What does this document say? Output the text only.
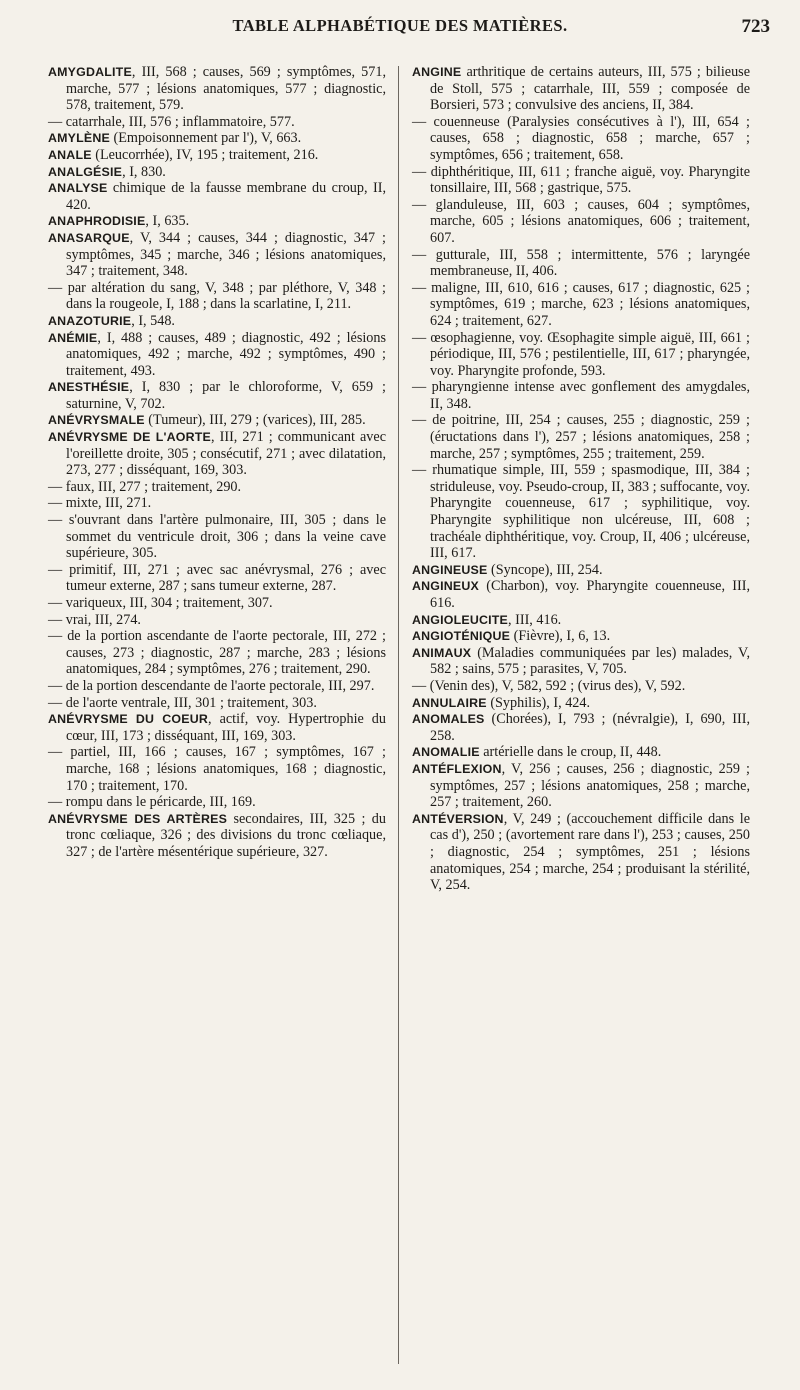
TABLE ALPHABÉTIQUE DES MATIÈRES.	723

AMYGDALITE, III, 568 ; causes, 569 ; symptômes, 571, marche, 577 ; lésions anatomiques, 577 ; diagnostic, 578, traitement, 579.

— catarrhale, III, 576 ; inflammatoire, 577.

AMYLÈNE (Empoisonnement par l'), V, 663.

ANALE (Leucorrhée), IV, 195 ; traitement, 216.

ANALGÉSIE, I, 830.

ANALYSE chimique de la fausse membrane du croup, II, 420.

ANAPHRODISIE, I, 635.

ANASARQUE, V, 344 ; causes, 344 ; diagnostic, 347 ; symptômes, 345 ; marche, 346 ; lésions anatomiques, 347 ; traitement, 348.

— par altération du sang, V, 348 ; par pléthore, V, 348 ; dans la rougeole, I, 188 ; dans la scarlatine, I, 211.

ANAZOTURIE, I, 548.

ANÉMIE, I, 488 ; causes, 489 ; diagnostic, 492 ; lésions anatomiques, 492 ; marche, 492 ; symptômes, 490 ; traitement, 493.

ANESTHÉSIE, I, 830 ; par le chloroforme, V, 659 ; saturnine, V, 702.

ANÉVRYSMALE (Tumeur), III, 279 ; (varices), III, 285.

ANÉVRYSME DE L'AORTE, III, 271 ; communicant avec l'oreillette droite, 305 ; consécutif, 271 ; avec dilatation, 273, 277 ; disséquant, 169, 303.

— faux, III, 277 ; traitement, 290.

— mixte, III, 271.

— s'ouvrant dans l'artère pulmonaire, III, 305 ; dans le sommet du ventricule droit, 306 ; dans la veine cave supérieure, 305.

— primitif, III, 271 ; avec sac anévrysmal, 276 ; avec tumeur externe, 287 ; sans tumeur externe, 287.

— variqueux, III, 304 ; traitement, 307.

— vrai, III, 274.

— de la portion ascendante de l'aorte pectorale, III, 272 ; causes, 273 ; diagnostic, 287 ; marche, 283 ; lésions anatomiques, 284 ; symptômes, 276 ; traitement, 290.

— de la portion descendante de l'aorte pectorale, III, 297.

— de l'aorte ventrale, III, 301 ; traitement, 303.

ANÉVRYSME DU COEUR, actif, voy. Hypertrophie du cœur, III, 173 ; disséquant, III, 169, 303.

— partiel, III, 166 ; causes, 167 ; symptômes, 167 ; marche, 168 ; lésions anatomiques, 168 ; diagnostic, 170 ; traitement, 170.

— rompu dans le péricarde, III, 169.

ANÉVRYSME DES ARTÈRES secondaires, III, 325 ; du tronc cœliaque, 326 ; des divisions du tronc cœliaque, 327 ; de l'artère mésentérique supérieure, 327.

ANGINE arthritique de certains auteurs, III, 575 ; bilieuse de Stoll, 575 ; catarrhale, III, 559 ; composée de Borsieri, 573 ; convulsive des anciens, II, 384.

— couenneuse (Paralysies consécutives à l'), III, 654 ; causes, 658 ; diagnostic, 658 ; marche, 657 ; symptômes, 656 ; traitement, 658.

— diphthéritique, III, 611 ; franche aiguë, voy. Pharyngite tonsillaire, III, 568 ; gastrique, 575.

— glanduleuse, III, 603 ; causes, 604 ; symptômes, marche, 605 ; lésions anatomiques, 606 ; traitement, 607.

— gutturale, III, 558 ; intermittente, 576 ; laryngée membraneuse, II, 406.

— maligne, III, 610, 616 ; causes, 617 ; diagnostic, 625 ; symptômes, 619 ; marche, 623 ; lésions anatomiques, 624 ; traitement, 627.

— œsophagienne, voy. Œsophagite simple aiguë, III, 661 ; périodique, III, 576 ; pestilentielle, III, 617 ; pharyngée, voy. Pharyngite profonde, 593.

— pharyngienne intense avec gonflement des amygdales, II, 348.

— de poitrine, III, 254 ; causes, 255 ; diagnostic, 259 ; (éructations dans l'), 257 ; lésions anatomiques, 258 ; marche, 257 ; symptômes, 255 ; traitement, 259.

— rhumatique simple, III, 559 ; spasmodique, III, 384 ; striduleuse, voy. Pseudo-croup, II, 383 ; suffocante, voy. Pharyngite couenneuse, 617 ; syphilitique, voy. Pharyngite syphilitique non ulcéreuse, III, 608 ; trachéale diphthéritique, voy. Croup, II, 406 ; ulcéreuse, III, 617.

ANGINEUSE (Syncope), III, 254.

ANGINEUX (Charbon), voy. Pharyngite couenneuse, III, 616.

ANGIOLEUCITE, III, 416.

ANGIOTÉNIQUE (Fièvre), I, 6, 13.

ANIMAUX (Maladies communiquées par les) malades, V, 582 ; sains, 575 ; parasites, V, 705.

— (Venin des), V, 582, 592 ; (virus des), V, 592.

ANNULAIRE (Syphilis), I, 424.

ANOMALES (Chorées), I, 793 ; (névralgie), I, 690, III, 258.

ANOMALIE artérielle dans le croup, II, 448.

ANTÉFLEXION, V, 256 ; causes, 256 ; diagnostic, 259 ; symptômes, 257 ; lésions anatomiques, 258 ; marche, 257 ; traitement, 260.

ANTÉVERSION, V, 249 ; (accouchement difficile dans le cas d'), 250 ; (avortement rare dans l'), 253 ; causes, 250 ; diagnostic, 254 ; symptômes, 251 ; lésions anatomiques, 254 ; marche, 254 ; produisant la stérilité, V, 254.
